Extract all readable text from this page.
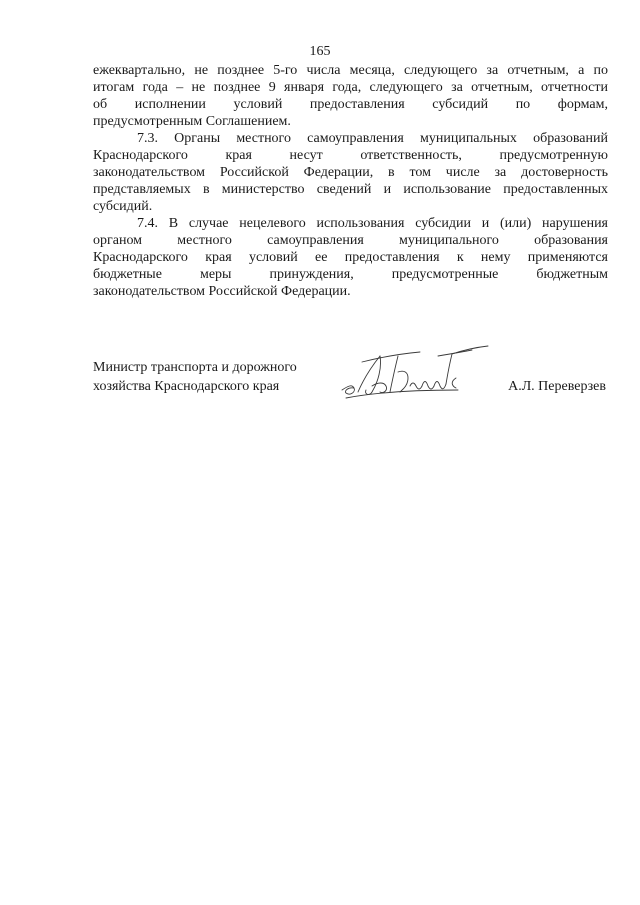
165
ежеквартально, не позднее 5-го числа месяца, следующего за отчетным, а по
итогам года – не позднее 9 января года, следующего за отчетным, отчетности
об исполнении условий предоставления субсидий по формам,
предусмотренным Соглашением.
7.3. Органы местного самоуправления муниципальных образований
Краснодарского края несут ответственность, предусмотренную
законодательством Российской Федерации, в том числе за достоверность
представляемых в министерство сведений и использование предоставленных
субсидий.
7.4. В случае нецелевого использования субсидии и (или) нарушения
органом местного самоуправления муниципального образования
Краснодарского края условий ее предоставления к нему применяются
бюджетные меры принуждения, предусмотренные бюджетным
законодательством Российской Федерации.
Министр транспорта и дорожного
хозяйства Краснодарского края	А.Л. Переверзев
